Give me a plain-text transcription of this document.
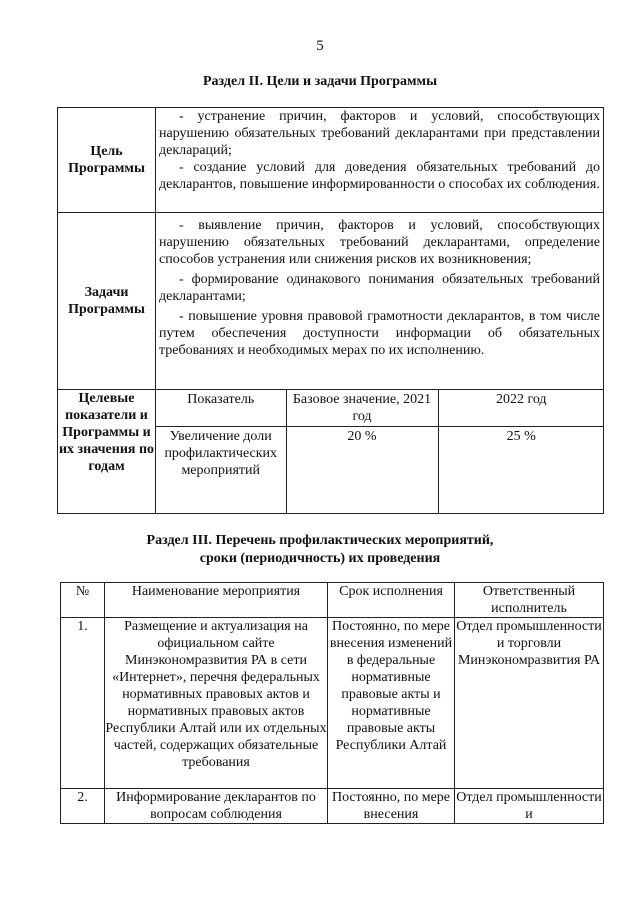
5
Раздел II. Цели и задачи Программы
Цель Программы	
- устранение причин, факторов и условий, способствующих нарушению обязательных требований декларантами при представлении деклараций;
- создание условий для доведения обязательных требований до декларантов, повышение информированности о способах их соблюдения.

Задачи Программы	
- выявление причин, факторов и условий, способствующих нарушению обязательных требований декларантами, определение способов устранения или снижения рисков их возникновения;
- формирование одинакового понимания обязательных требований декларантами;
- повышение уровня правовой грамотности декларантов, в том числе путем обеспечения доступности информации об обязательных требованиях и необходимых мерах по их исполнению.

Целевые показатели и Программы и их значения по годам	
Показатель	Базовое значение, 2021 год	2022 год
Увеличение доли профилактических мероприятий	20 %	25 %
Раздел III. Перечень профилактических мероприятий,
сроки (периодичность) их проведения
№	Наименование мероприятия	Срок исполнения	Ответственный исполнитель
1.	Размещение и актуализация на официальном сайте Минэкономразвития РА в сети «Интернет», перечня федеральных нормативных правовых актов и нормативных правовых актов Республики Алтай или их отдельных частей, содержащих обязательные требования	Постоянно, по мере внесения изменений в федеральные нормативные правовые акты и нормативные правовые акты Республики Алтай	Отдел промышленности и торговли Минэкономразвития РА
2.	Информирование декларантов по вопросам соблюдения	Постоянно, по мере внесения	Отдел промышленности и
